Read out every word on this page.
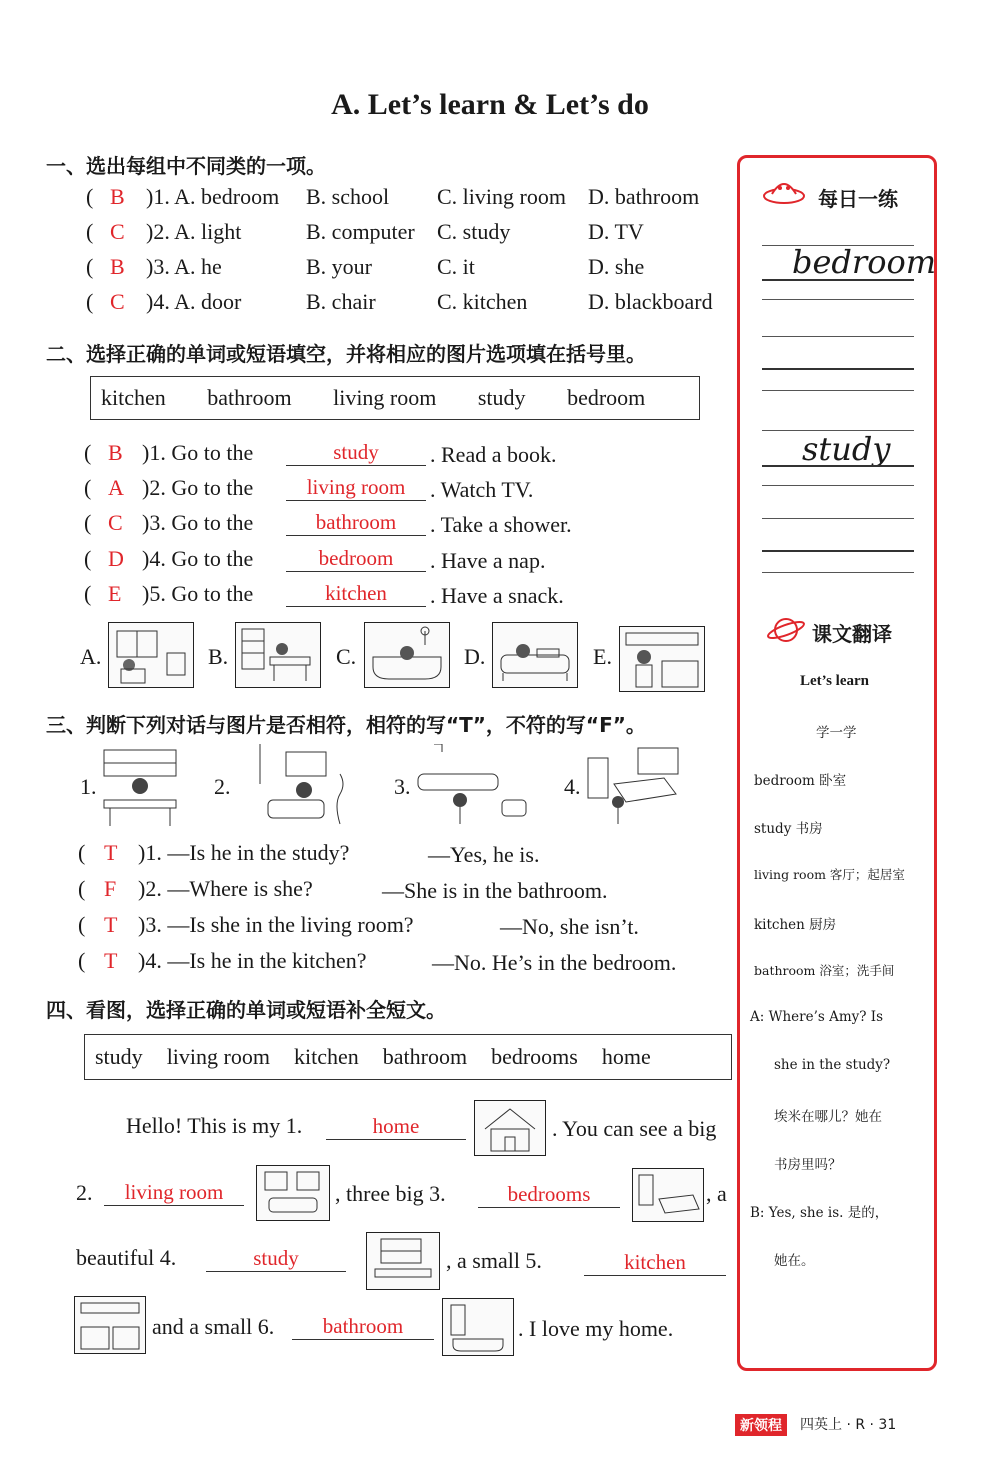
A. Let’s learn & Let’s do
一、选出每组中不同类的一项。
( B )1. A. bedroom B. school C. living room D. bathroom
( C )2. A. light	B. computer C. study	D. TV
( B )3. A. he	B. your	C. it	D. she
( C )4. A. door	B. chair	C. kitchen	D. blackboard
二、选择正确的单词或短语填空，并将相应的图片选项填在括号里。
kitchen bathroom living room study bedroom
( B )1. Go to the	study	. Read a book.
( A )2. Go to the	living room	. Watch TV.
( C )3. Go to the	bathroom	. Take a shower.
( D )4. Go to the	bedroom	. Have a nap.
( E )5. Go to the	kitchen	. Have a snack.
A.	B.	C.	D.	E.
三、判断下列对话与图片是否相符，相符的写“T”，不符的写“F”。
1.	2.	3.	4.
( T )1. —Is he in the study?	—Yes, he is.
( F )2. —Where is she?	—She is in the bathroom.
( T )3. —Is she in the living room?	—No, she isn’t.
( T )4. —Is he in the kitchen?	—No. He’s in the bedroom.
四、看图，选择正确的单词或短语补全短文。
study living room kitchen bathroom bedrooms home
Hello! This is my 1.	home	. You can see a big
2.	living room	, three big 3.	bedrooms	, a
beautiful 4.	study	, a small 5.	kitchen
and a small 6.	bathroom	. I love my home.
每日一练
bedroom
study
课文翻译
Let’s learn
学一学
bedroom 卧室
study 书房
living room 客厅；起居室
kitchen 厨房
bathroom 浴室；洗手间
A: Where’s Amy? Is
she in the study?
埃米在哪儿？她在
书房里吗？
B: Yes, she is. 是的，
她在。
新领程	四英上 · R · 31
